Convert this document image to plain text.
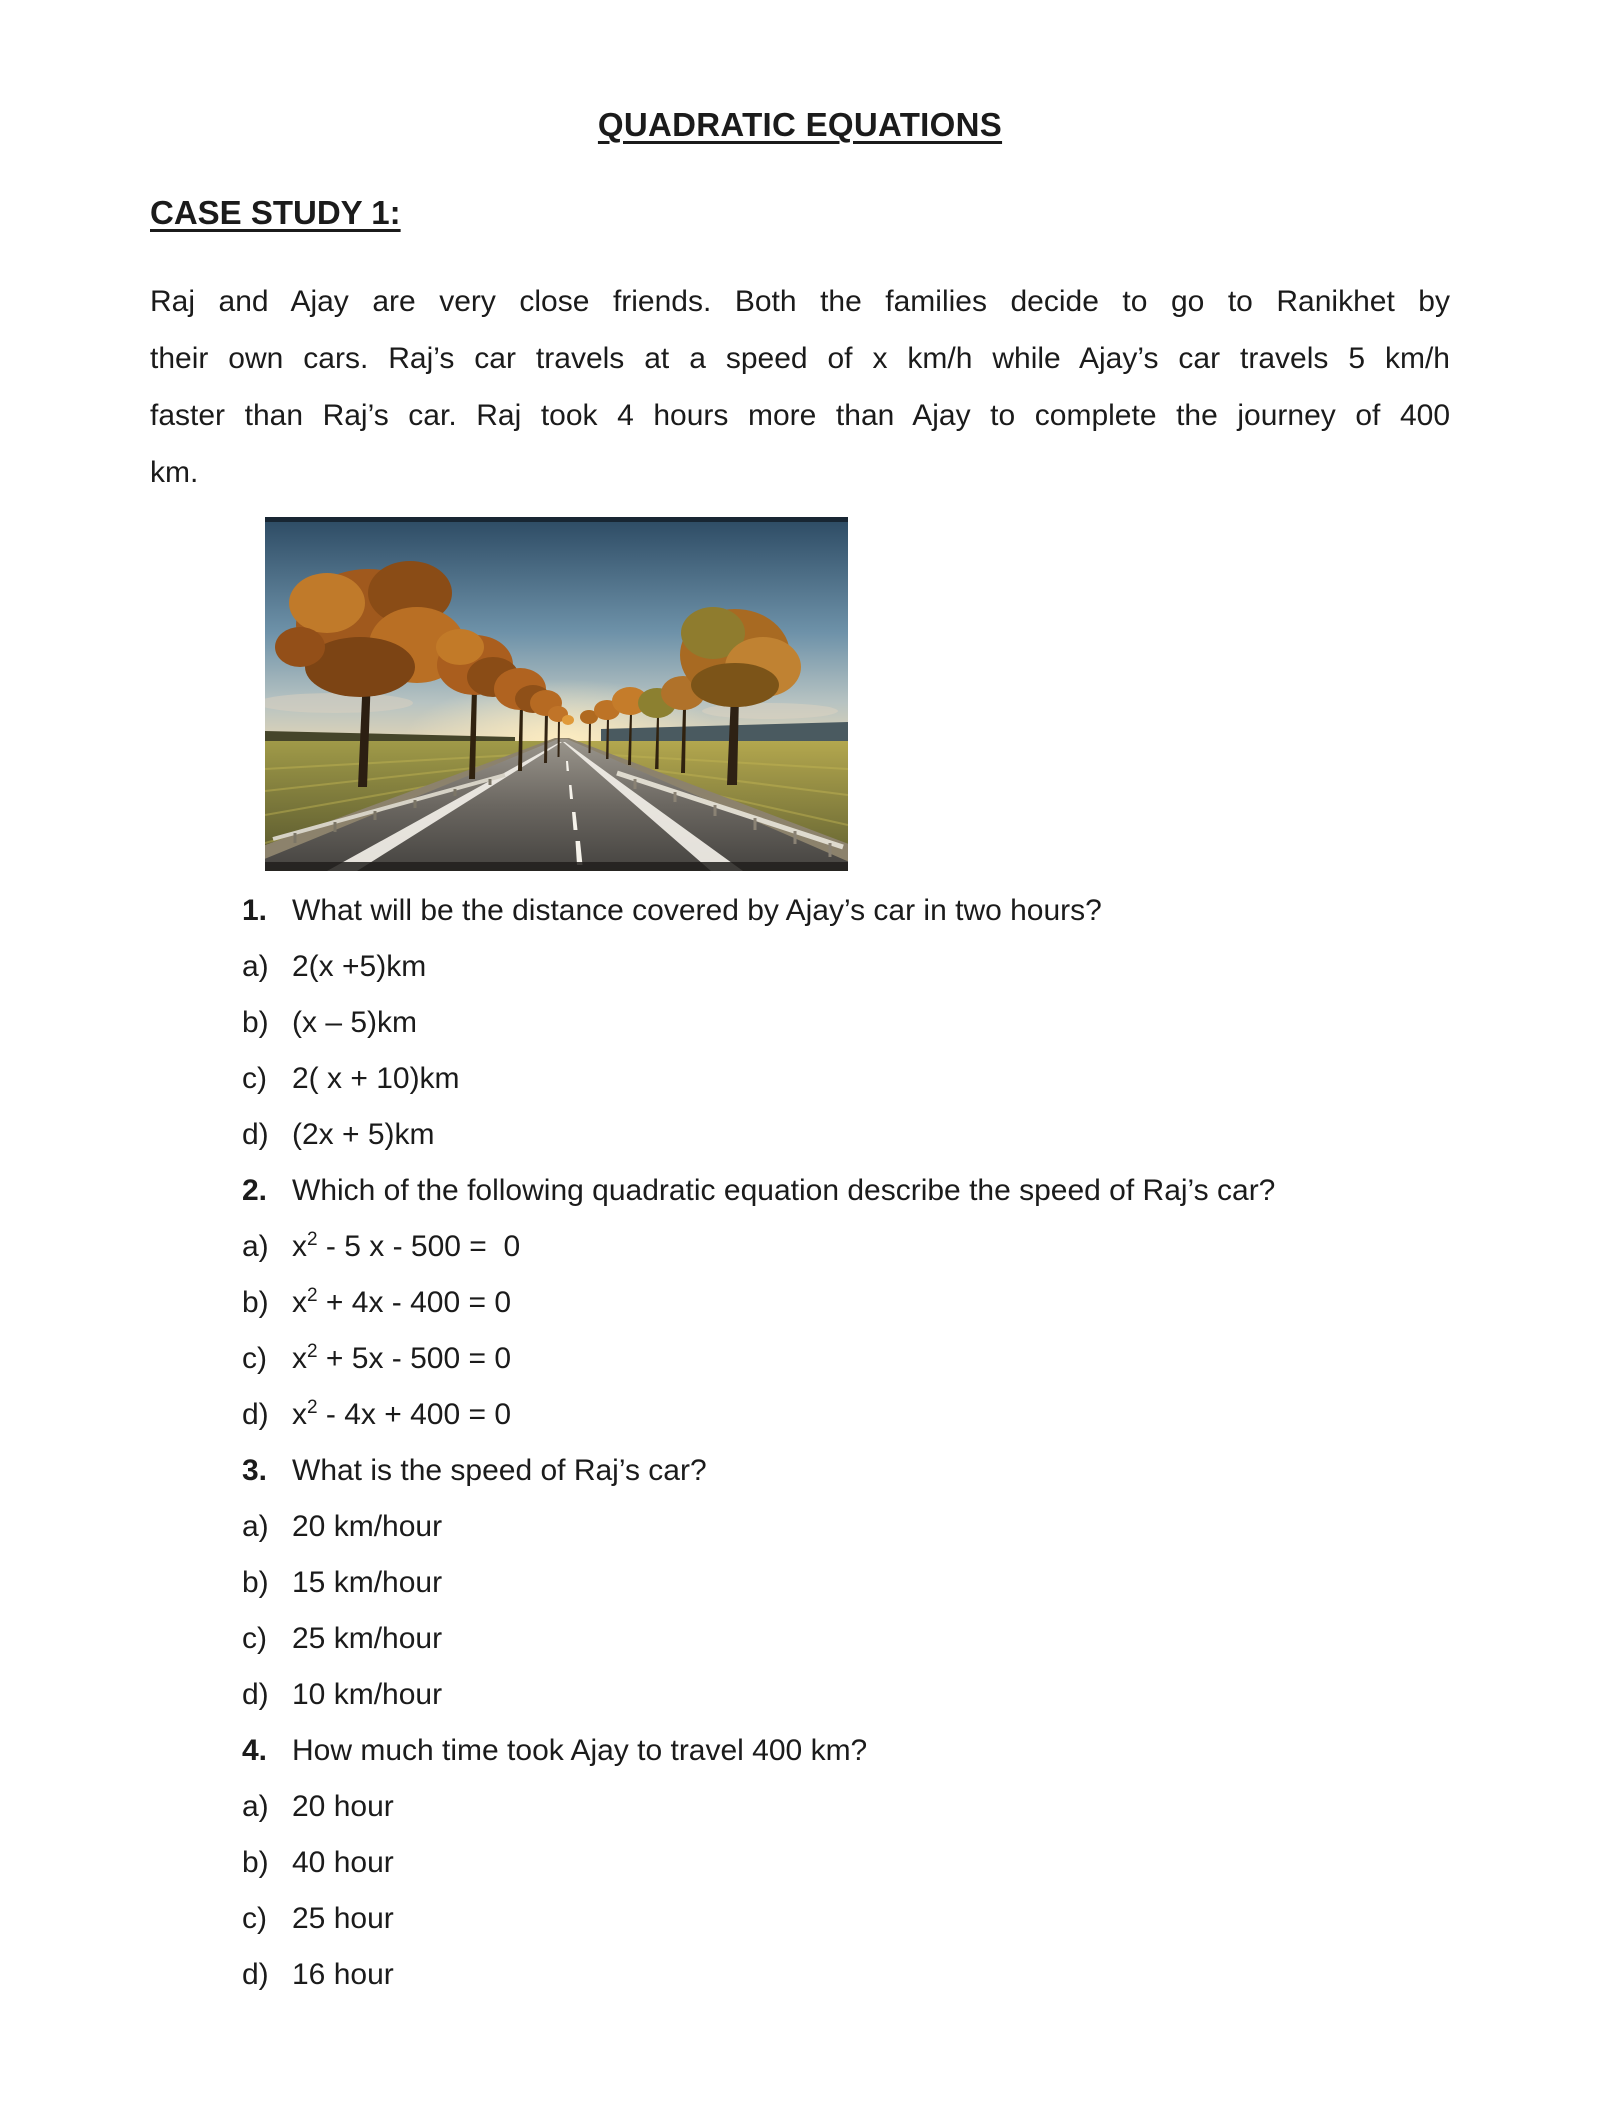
QUADRATIC EQUATIONS
CASE STUDY 1:
Raj and Ajay are very close friends. Both the families decide to go to Ranikhet by
their own cars. Raj’s car travels at a speed of x km/h while Ajay’s car travels 5 km/h
faster than Raj’s car. Raj took 4 hours more than Ajay to complete the journey of 400
km.
1. What will be the distance covered by Ajay’s car in two hours?
a) 2(x +5)km
b) (x – 5)km
c) 2( x + 10)km
d) (2x + 5)km
2. Which of the following quadratic equation describe the speed of Raj’s car?
a) $x^2 - 5$ x - 500 =  0
b) $x^2 + 4x - 400 = 0$
c) $x^2 + 5x - 500 = 0$
d) $x^2 - 4x + 400 = 0$
3. What is the speed of Raj’s car?
a) 20 km/hour
b) 15 km/hour
c) 25 km/hour
d) 10 km/hour
4. How much time took Ajay to travel 400 km?
a) 20 hour
b) 40 hour
c) 25 hour
d) 16 hour
